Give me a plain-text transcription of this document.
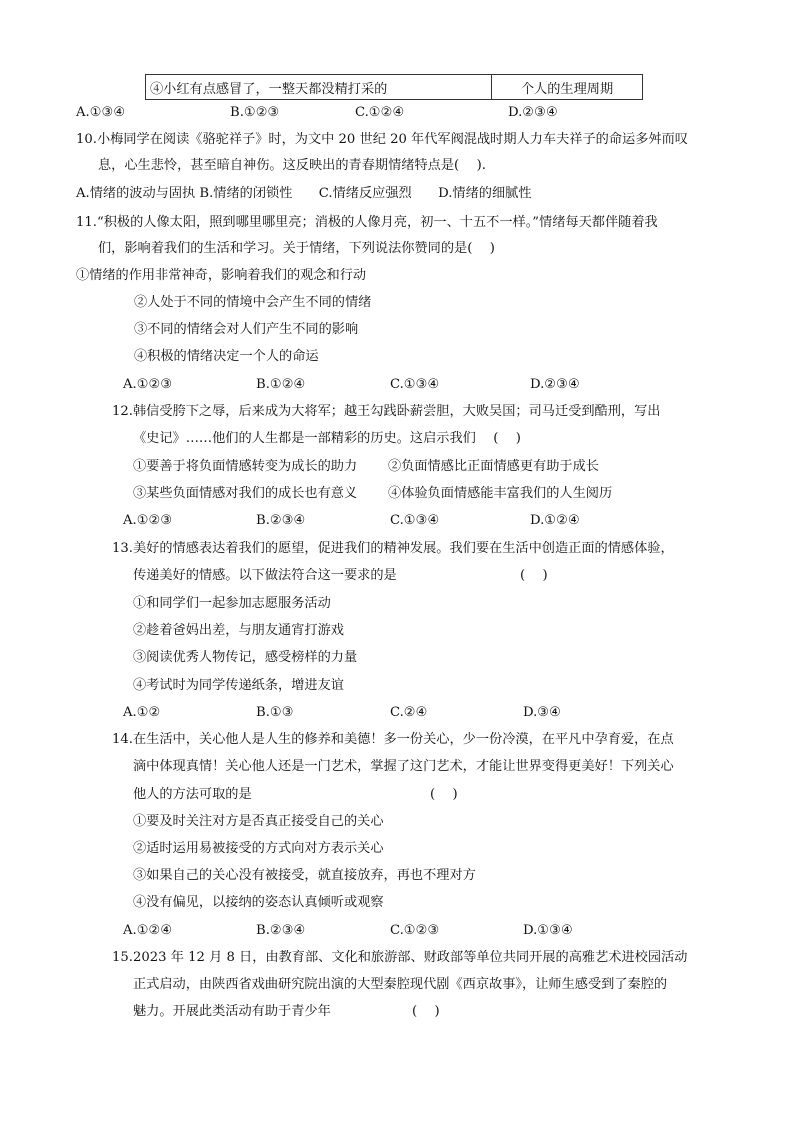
④小红有点感冒了，一整天都没精打采的	个人的生理周期
A.①③④	B.①②③	C.①②④	D.②③④
10.小梅同学在阅读《骆驼祥子》时，为文中 20 世纪 20 年代军阀混战时期人力车夫祥子的命运多舛而叹
息，心生悲怜，甚至暗自神伤。这反映出的青春期情绪特点是(　 ).
A.情绪的波动与固执 B.情绪的闭锁性　　C.情绪反应强烈　　D.情绪的细腻性
11.“积极的人像太阳，照到哪里哪里亮；消极的人像月亮，初一、十五不一样。”情绪每天都伴随着我
们，影响着我们的生活和学习。关于情绪，下列说法你赞同的是(　 )
①情绪的作用非常神奇，影响着我们的观念和行动
②人处于不同的情境中会产生不同的情绪
③不同的情绪会对人们产生不同的影响
④积极的情绪决定一个人的命运
A.①②③	B.①②④	C.①③④	D.②③④
12.韩信受胯下之辱，后来成为大将军；越王勾践卧薪尝胆，大败吴国；司马迁受到酷刑，写出
《史记》……他们的人生都是一部精彩的历史。这启示我们　 (　 )
①要善于将负面情感转变为成长的助力 ②负面情感比正面情感更有助于成长
③某些负面情感对我们的成长也有意义 ④体验负面情感能丰富我们的人生阅历
A.①②③	B.②③④	C.①③④	D.①②④
13.美好的情感表达着我们的愿望，促进我们的精神发展。我们要在生活中创造正面的情感体验，
传递美好的情感。以下做法符合这一要求的是	(　 )
①和同学们一起参加志愿服务活动
②趁着爸妈出差，与朋友通宵打游戏
③阅读优秀人物传记，感受榜样的力量
④考试时为同学传递纸条，增进友谊
A.①②	B.①③	C.②④	D.③④
14.在生活中，关心他人是人生的修养和美德！多一份关心，少一份冷漠，在平凡中孕育爱，在点
滴中体现真情！关心他人还是一门艺术，掌握了这门艺术，才能让世界变得更美好！下列关心
他人的方法可取的是	(　 )
①要及时关注对方是否真正接受自己的关心
②适时运用易被接受的方式向对方表示关心
③如果自己的关心没有被接受，就直接放弃，再也不理对方
④没有偏见，以接纳的姿态认真倾听或观察
A.①②④	B.②③④	C.①②③	D.①③④
15.2023 年 12 月 8 日，由教育部、文化和旅游部、财政部等单位共同开展的高雅艺术进校园活动
正式启动，由陕西省戏曲研究院出演的大型秦腔现代剧《西京故事》，让师生感受到了秦腔的
魅力。开展此类活动有助于青少年	(　 )
